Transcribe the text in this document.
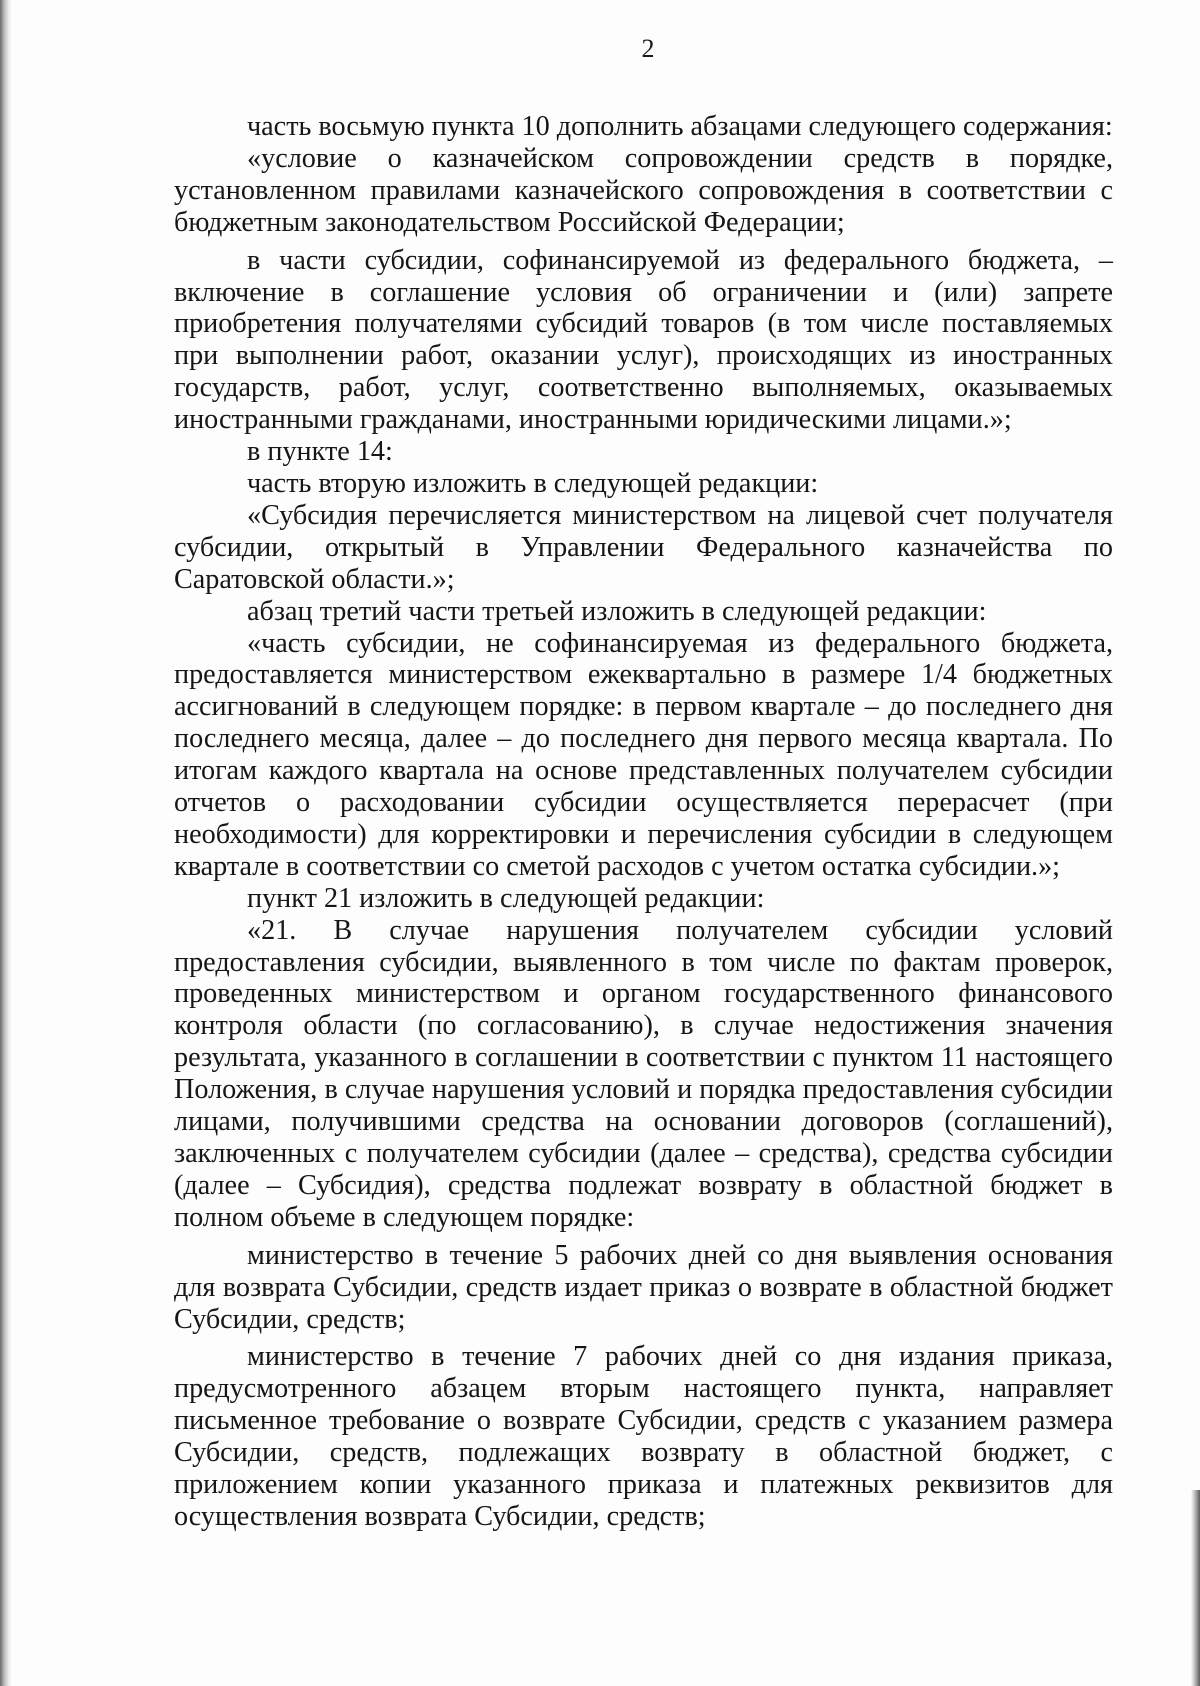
2

часть восьмую пункта 10 дополнить абзацами следующего содержания:

«условие о казначейском сопровождении средств в порядке, установленном правилами казначейского сопровождения в соответствии с бюджетным законодательством Российской Федерации;

в части субсидии, софинансируемой из федерального бюджета, – включение в соглашение условия об ограничении и (или) запрете приобретения получателями субсидий товаров (в том числе поставляемых при выполнении работ, оказании услуг), происходящих из иностранных государств, работ, услуг, соответственно выполняемых, оказываемых иностранными гражданами, иностранными юридическими лицами.»;

в пункте 14:

часть вторую изложить в следующей редакции:

«Субсидия перечисляется министерством на лицевой счет получателя субсидии, открытый в Управлении Федерального казначейства по Саратовской области.»;

абзац третий части третьей изложить в следующей редакции:

«часть субсидии, не софинансируемая из федерального бюджета, предоставляется министерством ежеквартально в размере 1/4 бюджетных ассигнований в следующем порядке: в первом квартале – до последнего дня последнего месяца, далее – до последнего дня первого месяца квартала. По итогам каждого квартала на основе представленных получателем субсидии отчетов о расходовании субсидии осуществляется перерасчет (при необходимости) для корректировки и перечисления субсидии в следующем квартале в соответствии со сметой расходов с учетом остатка субсидии.»;

пункт 21 изложить в следующей редакции:

«21. В случае нарушения получателем субсидии условий предоставления субсидии, выявленного в том числе по фактам проверок, проведенных министерством и органом государственного финансового контроля области (по согласованию), в случае недостижения значения результата, указанного в соглашении в соответствии с пунктом 11 настоящего Положения, в случае нарушения условий и порядка предоставления субсидии лицами, получившими средства на основании договоров (соглашений), заключенных с получателем субсидии (далее – средства), средства субсидии (далее – Субсидия), средства подлежат возврату в областной бюджет в полном объеме в следующем порядке:

министерство в течение 5 рабочих дней со дня выявления основания для возврата Субсидии, средств издает приказ о возврате в областной бюджет Субсидии, средств;

министерство в течение 7 рабочих дней со дня издания приказа, предусмотренного абзацем вторым настоящего пункта, направляет письменное требование о возврате Субсидии, средств с указанием размера Субсидии, средств, подлежащих возврату в областной бюджет, с приложением копии указанного приказа и платежных реквизитов для осуществления возврата Субсидии, средств;
